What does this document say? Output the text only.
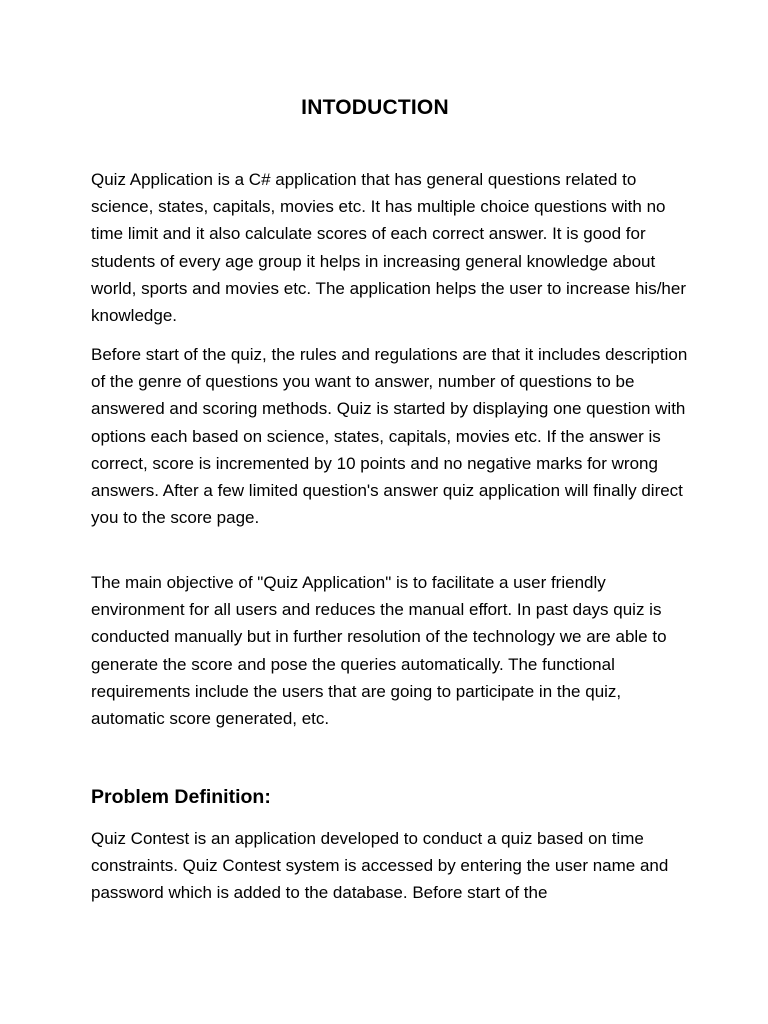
INTODUCTION

Quiz Application is a C# application that has general questions related to science, states, capitals, movies etc. It has multiple choice questions with no time limit and it also calculate scores of each correct answer. It is good for students of every age group it helps in increasing general knowledge about world, sports and movies etc. The application helps the user to increase his/her knowledge.

Before start of the quiz, the rules and regulations are that it includes description of the genre of questions you want to answer, number of questions to be answered and scoring methods. Quiz is started by displaying one question with options each based on science, states, capitals, movies etc. If the answer is correct, score is incremented by 10 points and no negative marks for wrong answers. After a few limited question's answer quiz application will finally direct you to the score page.

The main objective of "Quiz Application" is to facilitate a user friendly environment for all users and reduces the manual effort. In past days quiz is conducted manually but in further resolution of the technology we are able to generate the score and pose the queries automatically. The functional requirements include the users that are going to participate in the quiz, automatic score generated, etc.

Problem Definition:

Quiz Contest is an application developed to conduct a quiz based on time constraints. Quiz Contest system is accessed by entering the user name and password which is added to the database. Before start of the
